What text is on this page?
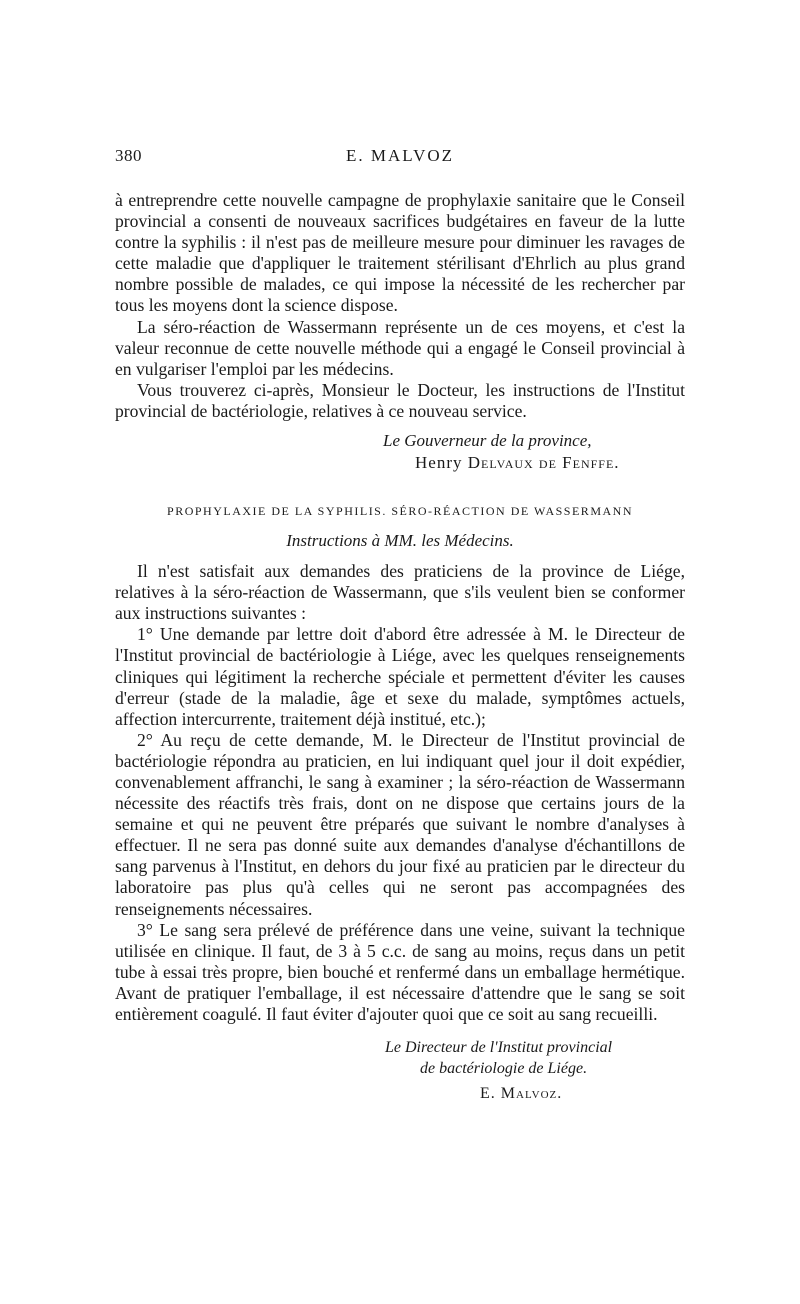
380	E. MALVOZ

à entreprendre cette nouvelle campagne de prophylaxie sanitaire que le Conseil provincial a consenti de nouveaux sacrifices budgétaires en faveur de la lutte contre la syphilis : il n'est pas de meilleure mesure pour diminuer les ravages de cette maladie que d'appliquer le traitement stérilisant d'Ehrlich au plus grand nombre possible de malades, ce qui impose la nécessité de les rechercher par tous les moyens dont la science dispose.

La séro-réaction de Wassermann représente un de ces moyens, et c'est la valeur reconnue de cette nouvelle méthode qui a engagé le Conseil provincial à en vulgariser l'emploi par les médecins.

Vous trouverez ci-après, Monsieur le Docteur, les instructions de l'Institut provincial de bactériologie, relatives à ce nouveau service.

Le Gouverneur de la province,
Henry Delvaux de Fenffe.
PROPHYLAXIE DE LA SYPHILIS. SÉRO-RÉACTION DE WASSERMANN
Instructions à MM. les Médecins.

Il n'est satisfait aux demandes des praticiens de la province de Liége, relatives à la séro-réaction de Wassermann, que s'ils veulent bien se conformer aux instructions suivantes :

1° Une demande par lettre doit d'abord être adressée à M. le Directeur de l'Institut provincial de bactériologie à Liége, avec les quelques renseignements cliniques qui légitiment la recherche spéciale et permettent d'éviter les causes d'erreur (stade de la maladie, âge et sexe du malade, symptômes actuels, affection intercurrente, traitement déjà institué, etc.);

2° Au reçu de cette demande, M. le Directeur de l'Institut provincial de bactériologie répondra au praticien, en lui indiquant quel jour il doit expédier, convenablement affranchi, le sang à examiner ; la séro-réaction de Wassermann nécessite des réactifs très frais, dont on ne dispose que certains jours de la semaine et qui ne peuvent être préparés que suivant le nombre d'analyses à effectuer. Il ne sera pas donné suite aux demandes d'analyse d'échantillons de sang parvenus à l'Institut, en dehors du jour fixé au praticien par le directeur du laboratoire pas plus qu'à celles qui ne seront pas accompagnées des renseignements nécessaires.

3° Le sang sera prélevé de préférence dans une veine, suivant la technique utilisée en clinique. Il faut, de 3 à 5 c.c. de sang au moins, reçus dans un petit tube à essai très propre, bien bouché et renfermé dans un emballage hermétique. Avant de pratiquer l'emballage, il est nécessaire d'attendre que le sang se soit entièrement coagulé. Il faut éviter d'ajouter quoi que ce soit au sang recueilli.

Le Directeur de l'Institut provincial
de bactériologie de Liége.
E. Malvoz.
